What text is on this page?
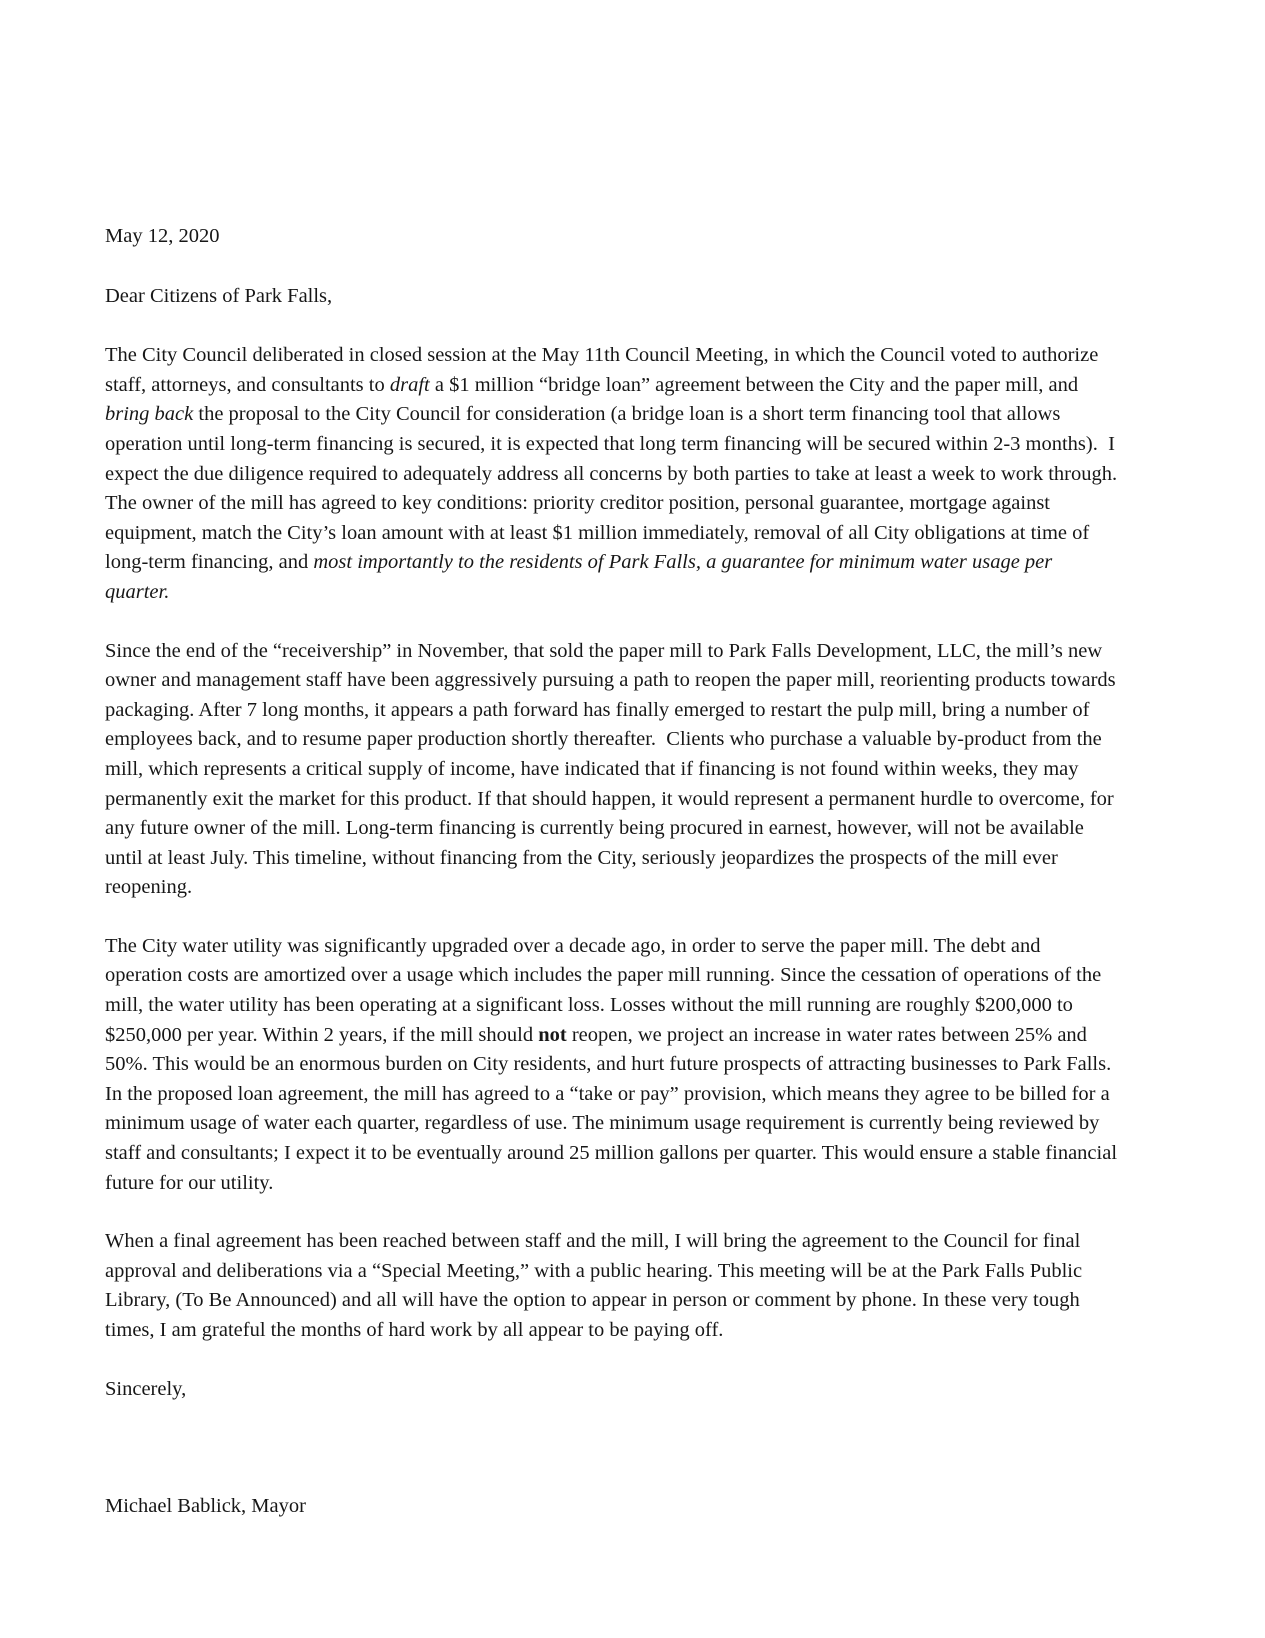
May 12, 2020

Dear Citizens of Park Falls,

The City Council deliberated in closed session at the May 11th Council Meeting, in which the Council voted to authorize staff, attorneys, and consultants to draft a $1 million “bridge loan” agreement between the City and the paper mill, and bring back the proposal to the City Council for consideration (a bridge loan is a short term financing tool that allows operation until long-term financing is secured, it is expected that long term financing will be secured within 2-3 months).  I expect the due diligence required to adequately address all concerns by both parties to take at least a week to work through. The owner of the mill has agreed to key conditions: priority creditor position, personal guarantee, mortgage against equipment, match the City’s loan amount with at least $1 million immediately, removal of all City obligations at time of long-term financing, and most importantly to the residents of Park Falls, a guarantee for minimum water usage per quarter.

Since the end of the “receivership” in November, that sold the paper mill to Park Falls Development, LLC, the mill’s new owner and management staff have been aggressively pursuing a path to reopen the paper mill, reorienting products towards packaging. After 7 long months, it appears a path forward has finally emerged to restart the pulp mill, bring a number of employees back, and to resume paper production shortly thereafter.  Clients who purchase a valuable by-product from the mill, which represents a critical supply of income, have indicated that if financing is not found within weeks, they may permanently exit the market for this product. If that should happen, it would represent a permanent hurdle to overcome, for any future owner of the mill. Long-term financing is currently being procured in earnest, however, will not be available until at least July. This timeline, without financing from the City, seriously jeopardizes the prospects of the mill ever reopening.

The City water utility was significantly upgraded over a decade ago, in order to serve the paper mill. The debt and operation costs are amortized over a usage which includes the paper mill running. Since the cessation of operations of the mill, the water utility has been operating at a significant loss. Losses without the mill running are roughly $200,000 to $250,000 per year. Within 2 years, if the mill should not reopen, we project an increase in water rates between 25% and 50%. This would be an enormous burden on City residents, and hurt future prospects of attracting businesses to Park Falls. In the proposed loan agreement, the mill has agreed to a “take or pay” provision, which means they agree to be billed for a minimum usage of water each quarter, regardless of use. The minimum usage requirement is currently being reviewed by staff and consultants; I expect it to be eventually around 25 million gallons per quarter. This would ensure a stable financial future for our utility.

When a final agreement has been reached between staff and the mill, I will bring the agreement to the Council for final approval and deliberations via a “Special Meeting,” with a public hearing. This meeting will be at the Park Falls Public Library, (To Be Announced) and all will have the option to appear in person or comment by phone. In these very tough times, I am grateful the months of hard work by all appear to be paying off.

Sincerely,

Michael Bablick, Mayor
